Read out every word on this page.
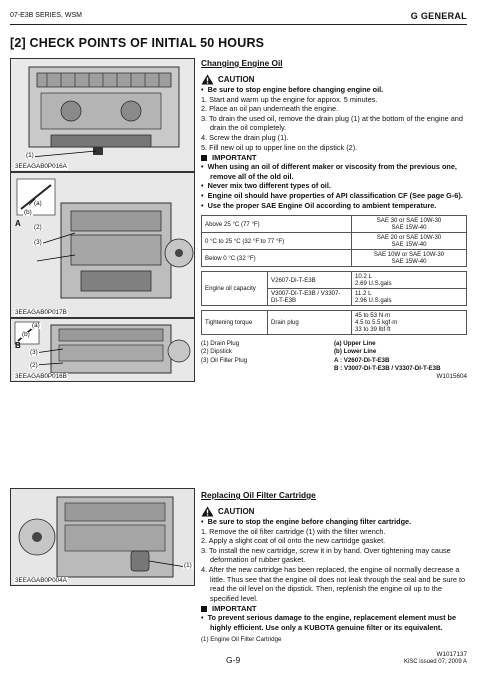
07-E3B SERIES, WSM	G GENERAL
[2] CHECK POINTS OF INITIAL 50 HOURS
(1)
3EEAGAB0P016A
A
(a)
(b)
(2)
(3)
3EEAGAB0P017B
(a)
(b)
B
(3)
(2)
3EEAGAB0P016B
(1)
3EEAGAB0P004A
Changing Engine Oil
CAUTION
•  Be sure to stop engine before changing engine oil.
1. Start and warm up the engine for approx. 5 minutes.
2. Place an oil pan underneath the engine.
3. To drain the used oil, remove the drain plug (1) at the bottom of the engine and drain the oil completely.
4. Screw the drain plug (1).
5. Fill new oil up to upper line on the dipstick (2).
IMPORTANT
•  When using an oil of different maker or viscosity from the previous one, remove all of the old oil.
•  Never mix two different types of oil.
•  Engine oil should have properties of API classification CF (See page G-6).
•  Use the proper SAE Engine Oil according to ambient temperature.
Above 25 °C (77 °F)	SAE 30 or SAE 10W-30
SAE 15W-40
0 °C to 25 °C (32 °F to 77 °F)	SAE 20 or SAE 10W-30
SAE 15W-40
Below 0 °C (32 °F)	SAE 10W or SAE 10W-30
SAE 15W-40
Engine oil capacity	V2607-DI-T-E3B	10.2 L
2.69 U.S.gals
	V3007-DI-T-E3B / V3307-DI-T-E3B	11.2 L
2.96 U.S.gals
Tightening torque	Drain plug	45 to 53 N·m
4.5 to 5.5 kgf·m
33 to 39 lbf·ft
(1) Drain Plug
(2) Dipstick
(3) Oil Filler Plug
(a) Upper Line
(b) Lower Line
A : V2607-DI-T-E3B
B : V3007-DI-T-E3B / V3307-DI-T-E3B
W1015604
Replacing Oil Filter Cartridge
CAUTION
•  Be sure to stop the engine before changing filter cartridge.
1. Remove the oil filter cartridge (1) with the filter wrench.
2. Apply a slight coat of oil onto the new cartridge gasket.
3. To install the new cartridge, screw it in by hand. Over tightening may cause deformation of rubber gasket.
4. After the new cartridge has been replaced, the engine oil normally decrease a little. Thus see that the engine oil does not leak through the seal and be sure to read the oil level on the dipstick. Then, replenish the engine oil up to the specified level.
IMPORTANT
•  To prevent serious damage to the engine, replacement element must be highly efficient. Use only a KUBOTA genuine filter or its equivalent.
(1) Engine Oil Filter Cartridge
W1017137
G-9	KiSC issued 07, 2009 A
